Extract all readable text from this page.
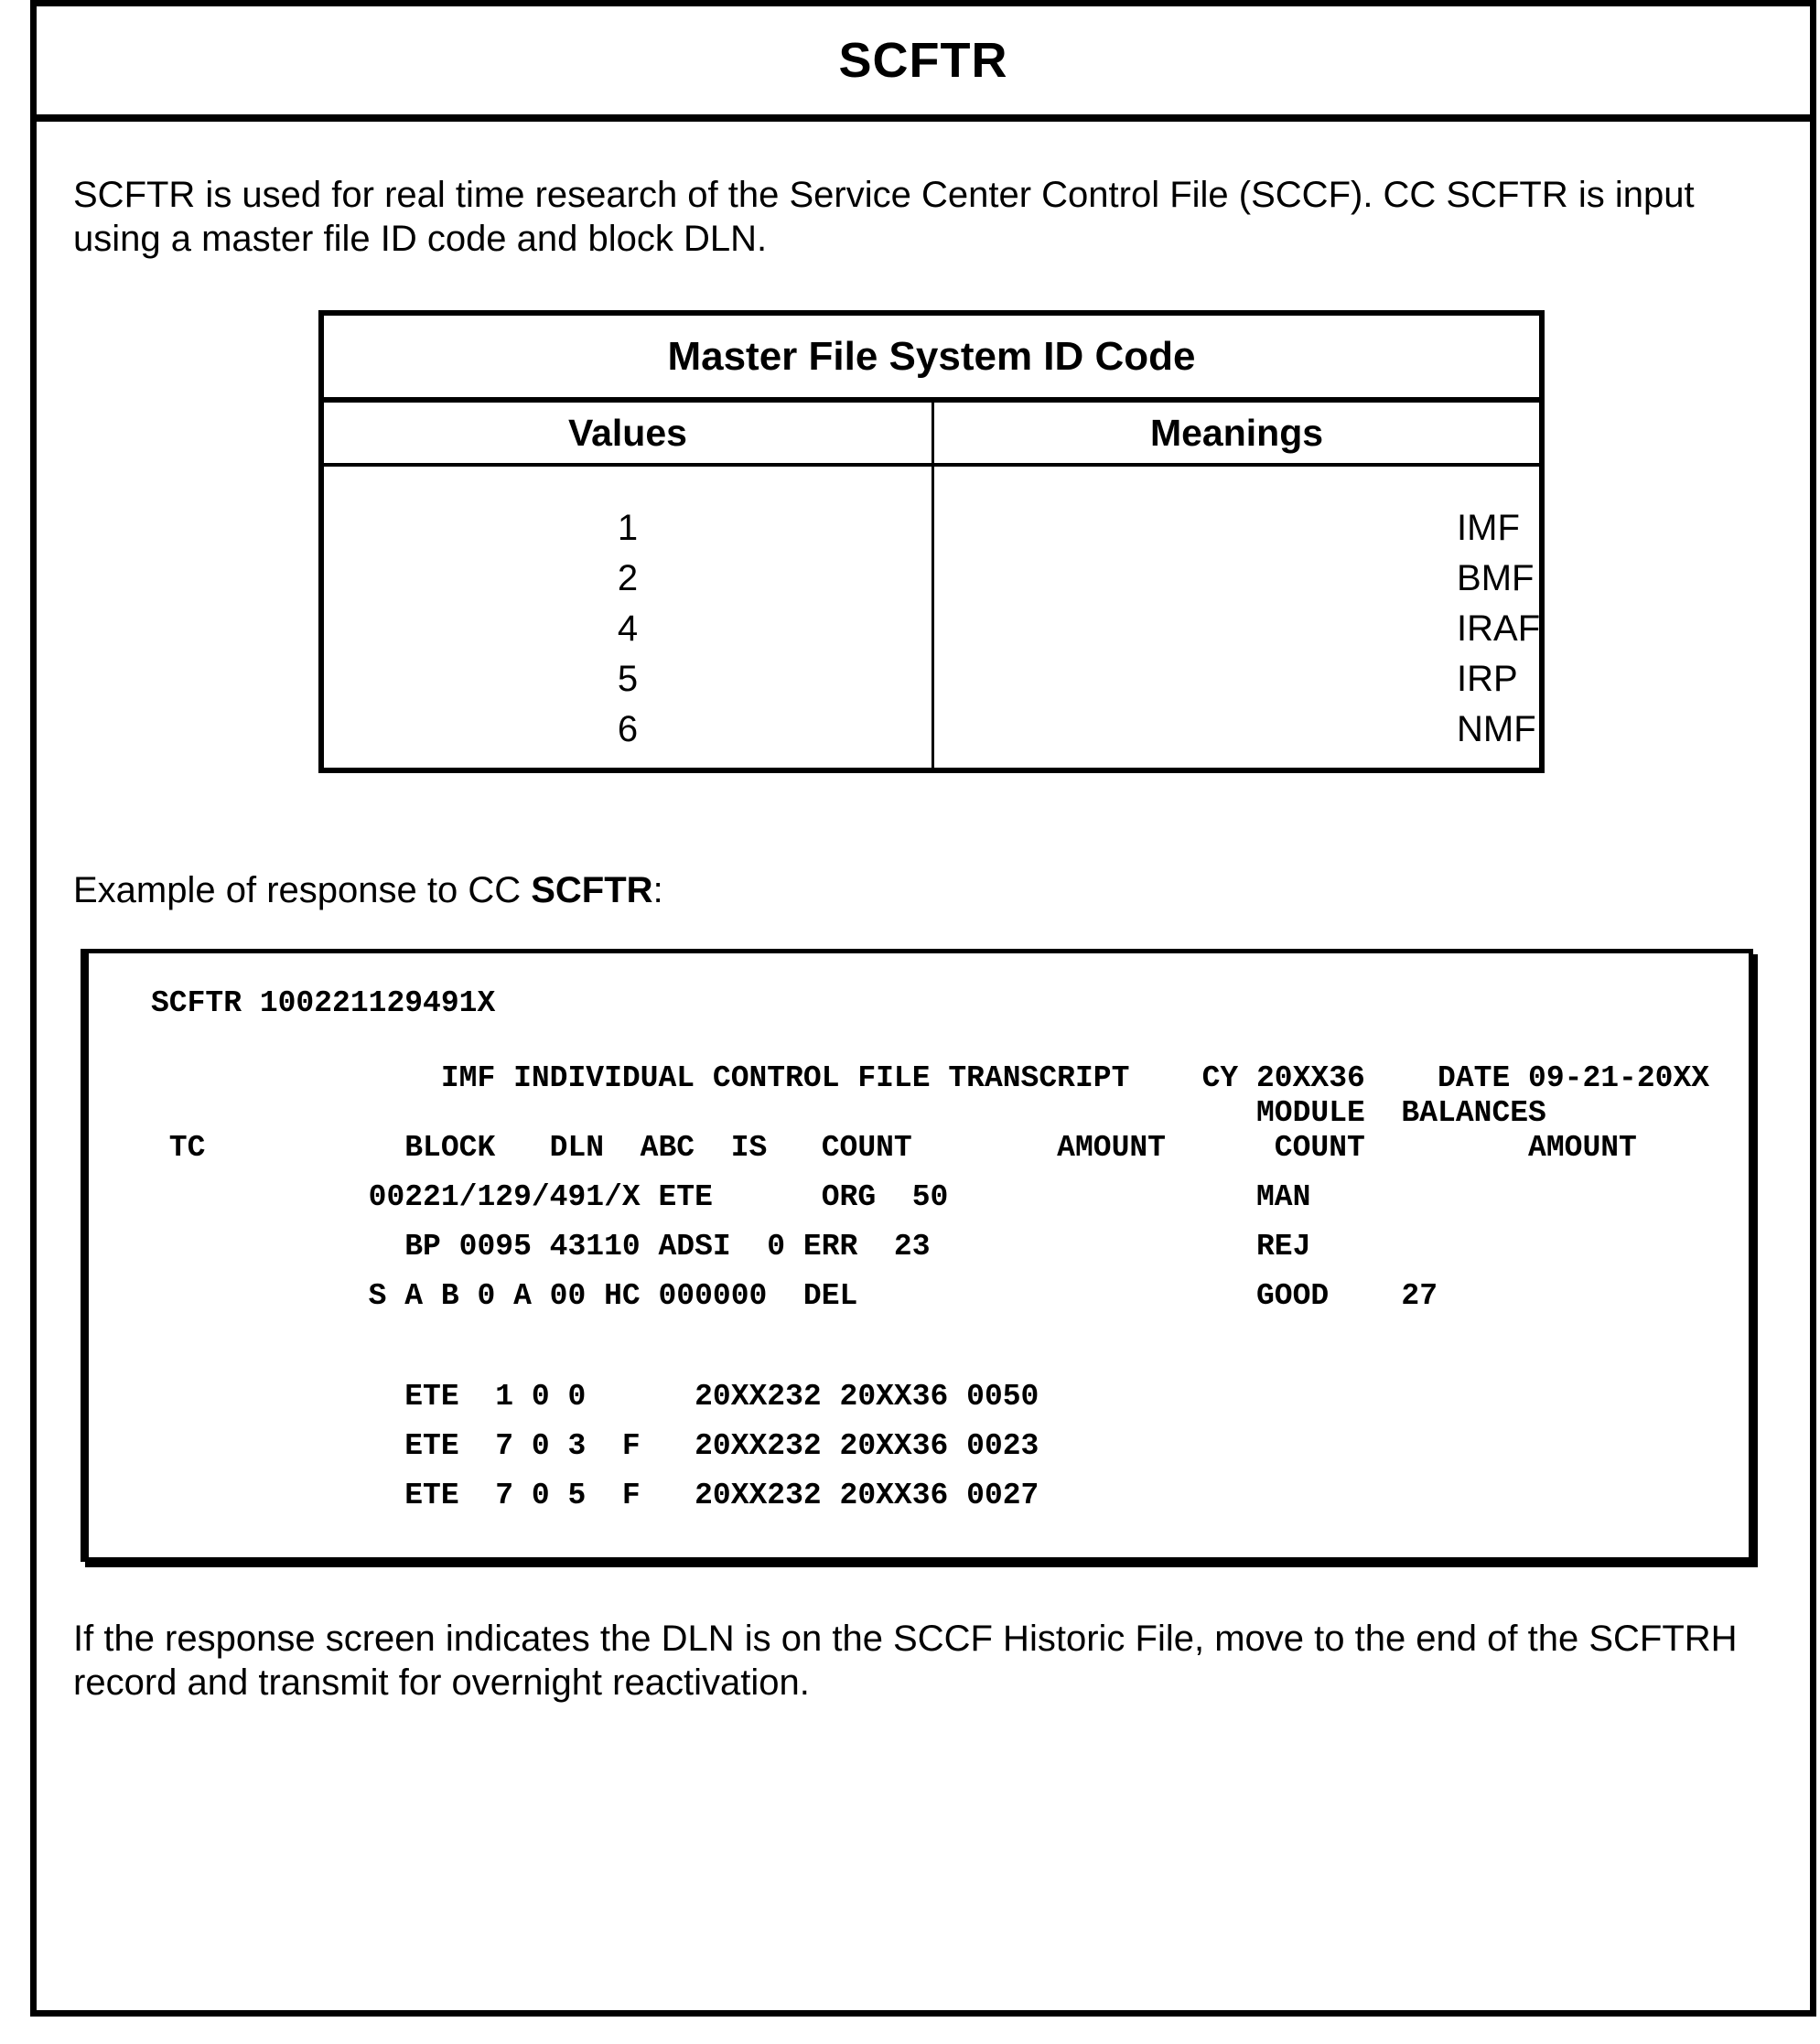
SCFTR

SCFTR is used for real time research of the Service Center Control File (SCCF). CC SCFTR is input using a master file ID code and block DLN.

Master File System ID Code
Values	Meanings
1
2
4
5
6
IMF
BMF
IRAF
IRP
NMF

Example of response to CC SCFTR:

SCFTR 100221129491X
IMF INDIVIDUAL CONTROL FILE TRANSCRIPT    CY 20XX36    DATE 09-21-20XX
MODULE  BALANCES
TC           BLOCK   DLN  ABC  IS   COUNT        AMOUNT      COUNT         AMOUNT
00221/129/491/X ETE      ORG  50                 MAN
BP 0095 43110 ADSI  0 ERR  23                  REJ
S A B 0 A 00 HC 000000  DEL                      GOOD    27
ETE  1 0 0      20XX232 20XX36 0050
ETE  7 0 3  F   20XX232 20XX36 0023
ETE  7 0 5  F   20XX232 20XX36 0027

If the response screen indicates the DLN is on the SCCF Historic File, move to the end of the SCFTRH record and transmit for overnight reactivation.
